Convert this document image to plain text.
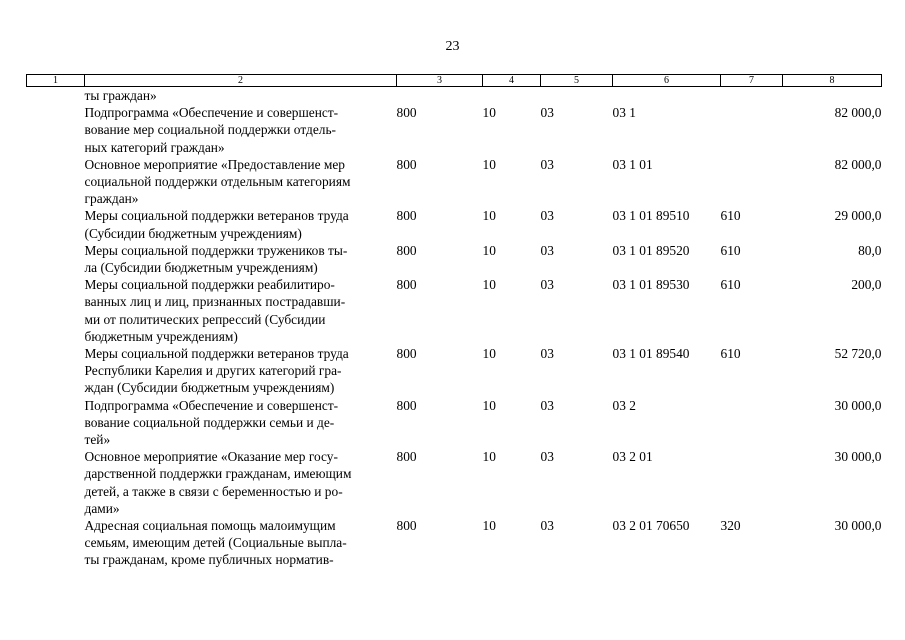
23
1	2	3	4	5	6	7	8

	ты граждан»						

	Подпрограмма «Обеспечение и совершенст-
вование мер социальной поддержки отдель-
ных категорий граждан»	800	10	03	03 1		82 000,0

	Основное мероприятие «Предоставление мер
социальной поддержки отдельным категориям
граждан»	800	10	03	03 1 01		82 000,0

	Меры социальной поддержки ветеранов труда
(Субсидии бюджетным учреждениям)	800	10	03	03 1 01 89510	610	29 000,0

	Меры социальной поддержки тружеников ты-
ла (Субсидии бюджетным учреждениям)	800	10	03	03 1 01 89520	610	80,0

	Меры социальной поддержки реабилитиро-
ванных лиц и лиц, признанных пострадавши-
ми от политических репрессий (Субсидии
бюджетным учреждениям)	800	10	03	03 1 01 89530	610	200,0

	Меры социальной поддержки ветеранов труда
Республики Карелия и других категорий гра-
ждан (Субсидии бюджетным учреждениям)	800	10	03	03 1 01 89540	610	52 720,0

	Подпрограмма «Обеспечение и совершенст-
вование социальной поддержки семьи и де-
тей»	800	10	03	03 2		30 000,0

	Основное мероприятие «Оказание мер госу-
дарственной поддержки гражданам, имеющим
детей, а также в связи с беременностью и ро-
дами»	800	10	03	03 2 01		30 000,0

	Адресная социальная помощь малоимущим
семьям, имеющим детей (Социальные выпла-
ты гражданам, кроме публичных норматив-	800	10	03	03 2 01 70650	320	30 000,0
